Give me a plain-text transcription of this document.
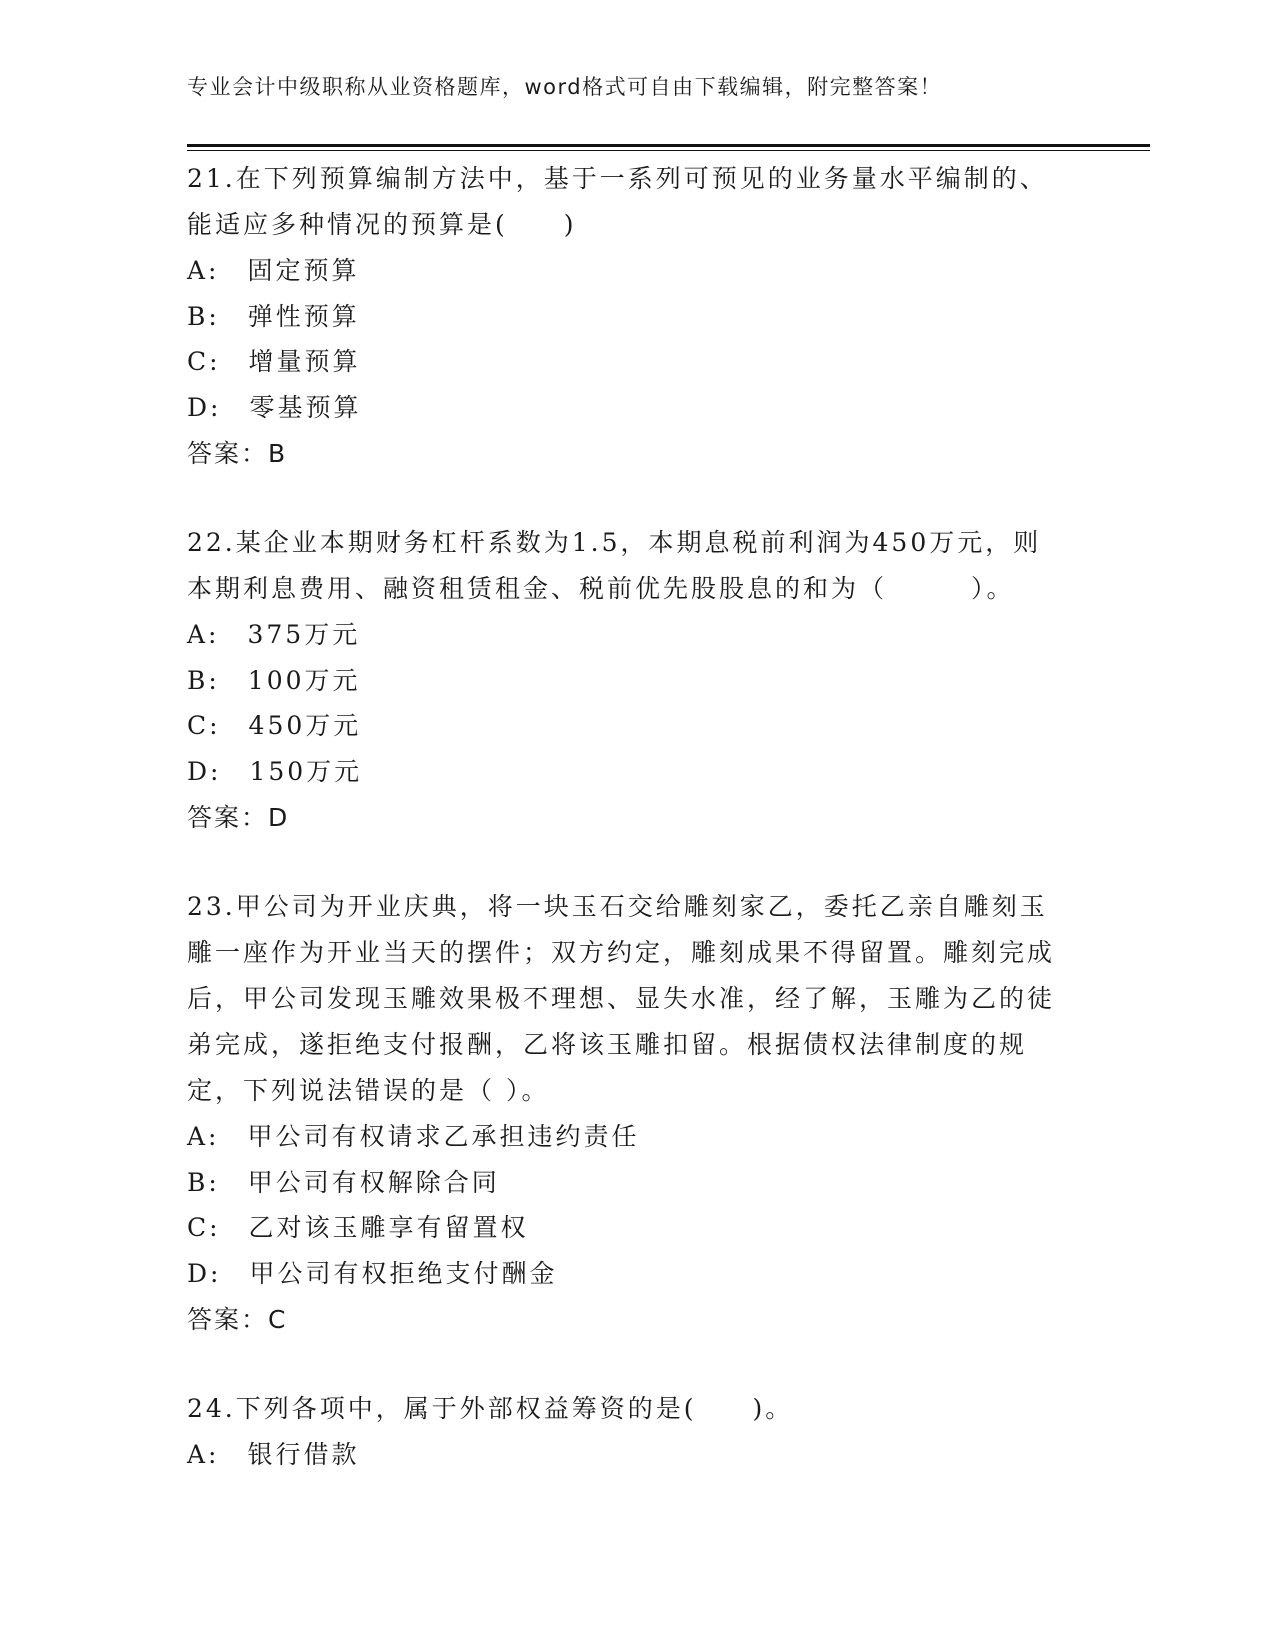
专业会计中级职称从业资格题库，word格式可自由下载编辑，附完整答案！

21.在下列预算编制方法中，基于一系列可预见的业务量水平编制的、能适应多种情况的预算是(　　)

A:　固定预算

B:　弹性预算

C:　增量预算

D:　零基预算

答案：B

22.某企业本期财务杠杆系数为1.5，本期息税前利润为450万元，则本期利息费用、融资租赁租金、税前优先股股息的和为（　　　）。

A:　375万元

B:　100万元

C:　450万元

D:　150万元

答案：D

23.甲公司为开业庆典，将一块玉石交给雕刻家乙，委托乙亲自雕刻玉雕一座作为开业当天的摆件；双方约定，雕刻成果不得留置。雕刻完成后，甲公司发现玉雕效果极不理想、显失水准，经了解，玉雕为乙的徒弟完成，遂拒绝支付报酬，乙将该玉雕扣留。根据债权法律制度的规定，下列说法错误的是（ ）。

A:　甲公司有权请求乙承担违约责任

B:　甲公司有权解除合同

C:　乙对该玉雕享有留置权

D:　甲公司有权拒绝支付酬金

答案：C

24.下列各项中，属于外部权益筹资的是(　　)。

A:　银行借款
